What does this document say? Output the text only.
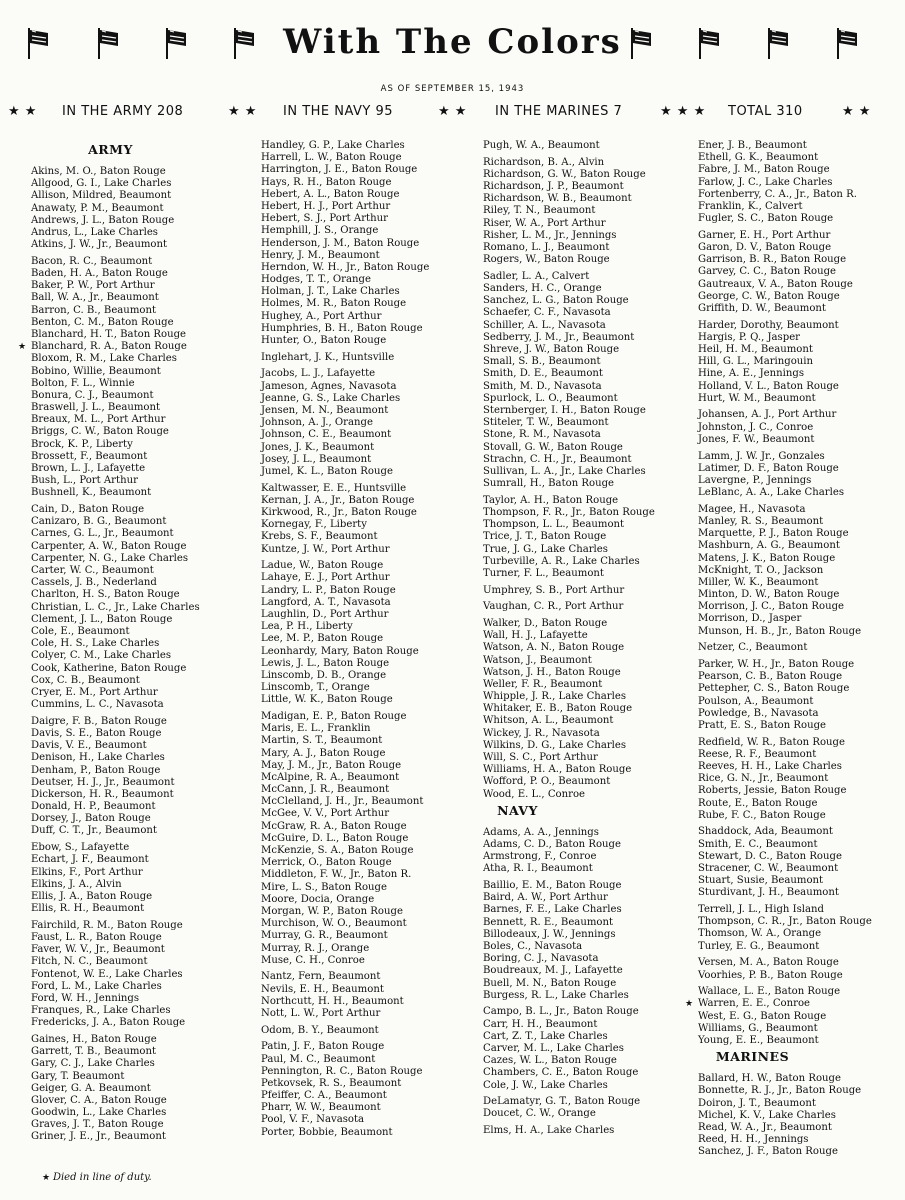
With The Colors
AS OF SEPTEMBER 15, 1943
★ ★ IN THE ARMY 208	★ ★ IN THE NAVY 95	★ ★ IN THE MARINES 7	★ ★ ★ TOTAL 310	★ ★
ARMY
Akins, M. O., Baton Rouge
Allgood, G. I., Lake Charles
Allison, Mildred, Beaumont
Anawaty, P. M., Beaumont
Andrews, J. L., Baton Rouge
Andrus, L., Lake Charles
Atkins, J. W., Jr., Beaumont
Bacon, R. C., Beaumont
Baden, H. A., Baton Rouge
Baker, P. W., Port Arthur
Ball, W. A., Jr., Beaumont
Barron, C. B., Beaumont
Benton, C. M., Baton Rouge
Blanchard, H. T., Baton Rouge
★ Blanchard, R. A., Baton Rouge
Bloxom, R. M., Lake Charles
Bobino, Willie, Beaumont
Bolton, F. L., Winnie
Bonura, C. J., Beaumont
Braswell, J. L., Beaumont
Breaux, M. L., Port Arthur
Briggs, C. W., Baton Rouge
Brock, K. P., Liberty
Brossett, F., Beaumont
Brown, L. J., Lafayette
Bush, L., Port Arthur
Bushnell, K., Beaumont
Cain, D., Baton Rouge
Canizaro, B. G., Beaumont
Carnes, G. L., Jr., Beaumont
Carpenter, A. W., Baton Rouge
Carpenter, N. G., Lake Charles
Carter, W. C., Beaumont
Cassels, J. B., Nederland
Charlton, H. S., Baton Rouge
Christian, L. C., Jr., Lake Charles
Clement, J. L., Baton Rouge
Cole, E., Beaumont
Cole, H. S., Lake Charles
Colyer, C. M., Lake Charles
Cook, Katherine, Baton Rouge
Cox, C. B., Beaumont
Cryer, E. M., Port Arthur
Cummins, L. C., Navasota
Daigre, F. B., Baton Rouge
Davis, S. E., Baton Rouge
Davis, V. E., Beaumont
Denison, H., Lake Charles
Denham, P., Baton Rouge
Deutser, H. J., Jr., Beaumont
Dickerson, H. R., Beaumont
Donald, H. P., Beaumont
Dorsey, J., Baton Rouge
Duff, C. T., Jr., Beaumont
Ebow, S., Lafayette
Echart, J. F., Beaumont
Elkins, F., Port Arthur
Elkins, J. A., Alvin
Ellis, J. A., Baton Rouge
Ellis, R. H., Beaumont
Fairchild, R. M., Baton Rouge
Faust, L. R., Baton Rouge
Faver, W. V., Jr., Beaumont
Fitch, N. C., Beaumont
Fontenot, W. E., Lake Charles
Ford, L. M., Lake Charles
Ford, W. H., Jennings
Franques, R., Lake Charles
Fredericks, J. A., Baton Rouge
Gaines, H., Baton Rouge
Garrett, T. B., Beaumont
Gary, C. J., Lake Charles
Gary, T. Beaumont
Geiger, G. A. Beaumont
Glover, C. A., Baton Rouge
Goodwin, L., Lake Charles
Graves, J. T., Baton Rouge
Griner, J. E., Jr., Beaumont
Handley, G. P., Lake Charles
Harrell, L. W., Baton Rouge
Harrington, J. E., Baton Rouge
Hays, R. H., Baton Rouge
Hebert, A. L., Baton Rouge
Hebert, H. J., Port Arthur
Hebert, S. J., Port Arthur
Hemphill, J. S., Orange
Henderson, J. M., Baton Rouge
Henry, J. M., Beaumont
Herndon, W. H., Jr., Baton Rouge
Hodges, T. T., Orange
Holman, J. T., Lake Charles
Holmes, M. R., Baton Rouge
Hughey, A., Port Arthur
Humphries, B. H., Baton Rouge
Hunter, O., Baton Rouge
Inglehart, J. K., Huntsville
Jacobs, L. J., Lafayette
Jameson, Agnes, Navasota
Jeanne, G. S., Lake Charles
Jensen, M. N., Beaumont
Johnson, A. J., Orange
Johnson, C. E., Beaumont
Jones, J. K., Beaumont
Josey, J. L., Beaumont
Jumel, K. L., Baton Rouge
Kaltwasser, E. E., Huntsville
Kernan, J. A., Jr., Baton Rouge
Kirkwood, R., Jr., Baton Rouge
Kornegay, F., Liberty
Krebs, S. F., Beaumont
Kuntze, J. W., Port Arthur
Ladue, W., Baton Rouge
Lahaye, E. J., Port Arthur
Landry, L. P., Baton Rouge
Langford, A. T., Navasota
Laughlin, D., Port Arthur
Lea, P. H., Liberty
Lee, M. P., Baton Rouge
Leonhardy, Mary, Baton Rouge
Lewis, J. L., Baton Rouge
Linscomb, D. B., Orange
Linscomb, T., Orange
Little, W. K., Baton Rouge
Madigan, E. P., Baton Rouge
Maris, E. L., Franklin
Martin, S. T., Beaumont
Mary, A. J., Baton Rouge
May, J. M., Jr., Baton Rouge
McAlpine, R. A., Beaumont
McCann, J. R., Beaumont
McClelland, J. H., Jr., Beaumont
McGee, V. V., Port Arthur
McGraw, R. A., Baton Rouge
McGuire, D. L., Baton Rouge
McKenzie, S. A., Baton Rouge
Merrick, O., Baton Rouge
Middleton, F. W., Jr., Baton R.
Mire, L. S., Baton Rouge
Moore, Docia, Orange
Morgan, W. P., Baton Rouge
Murchison, W. O., Beaumont
Murray, G. R., Beaumont
Murray, R. J., Orange
Muse, C. H., Conroe
Nantz, Fern, Beaumont
Nevils, E. H., Beaumont
Northcutt, H. H., Beaumont
Nott, L. W., Port Arthur
Odom, B. Y., Beaumont
Patin, J. F., Baton Rouge
Paul, M. C., Beaumont
Pennington, R. C., Baton Rouge
Petkovsek, R. S., Beaumont
Pfeiffer, C. A., Beaumont
Pharr, W. W., Beaumont
Pool, V. F., Navasota
Porter, Bobbie, Beaumont
Pugh, W. A., Beaumont
Richardson, B. A., Alvin
Richardson, G. W., Baton Rouge
Richardson, J. P., Beaumont
Richardson, W. B., Beaumont
Riley, T. N., Beaumont
Riser, W. A., Port Arthur
Risher, L. M., Jr., Jennings
Romano, L. J., Beaumont
Rogers, W., Baton Rouge
Sadler, L. A., Calvert
Sanders, H. C., Orange
Sanchez, L. G., Baton Rouge
Schaefer, C. F., Navasota
Schiller, A. L., Navasota
Sedberry, J. M., Jr., Beaumont
Shreve, J. W., Baton Rouge
Small, S. B., Beaumont
Smith, D. E., Beaumont
Smith, M. D., Navasota
Spurlock, L. O., Beaumont
Sternberger, I. H., Baton Rouge
Stiteler, T. W., Beaumont
Stone, R. M., Navasota
Stovall, G. W., Baton Rouge
Strachn, C. H., Jr., Beaumont
Sullivan, L. A., Jr., Lake Charles
Sumrall, H., Baton Rouge
Taylor, A. H., Baton Rouge
Thompson, F. R., Jr., Baton Rouge
Thompson, L. L., Beaumont
Trice, J. T., Baton Rouge
True, J. G., Lake Charles
Turbeville, A. R., Lake Charles
Turner, F. L., Beaumont
Umphrey, S. B., Port Arthur
Vaughan, C. R., Port Arthur
Walker, D., Baton Rouge
Wall, H. J., Lafayette
Watson, A. N., Baton Rouge
Watson, J., Beaumont
Watson, J. H., Baton Rouge
Weller, F. R., Beaumont
Whipple, J. R., Lake Charles
Whitaker, E. B., Baton Rouge
Whitson, A. L., Beaumont
Wickey, J. R., Navasota
Wilkins, D. G., Lake Charles
Will, S. C., Port Arthur
Williams, H. A., Baton Rouge
Wofford, P. O., Beaumont
Wood, E. L., Conroe
NAVY
Adams, A. A., Jennings
Adams, C. D., Baton Rouge
Armstrong, F., Conroe
Atha, R. I., Beaumont
Baillio, E. M., Baton Rouge
Baird, A. W., Port Arthur
Barnes, F. E., Lake Charles
Bennett, R. E., Beaumont
Billodeaux, J. W., Jennings
Boles, C., Navasota
Boring, C. J., Navasota
Boudreaux, M. J., Lafayette
Buell, M. N., Baton Rouge
Burgess, R. L., Lake Charles
Campo, B. L., Jr., Baton Rouge
Carr, H. H., Beaumont
Cart, Z. T., Lake Charles
Carver, M. L., Lake Charles
Cazes, W. L., Baton Rouge
Chambers, C. E., Baton Rouge
Cole, J. W., Lake Charles
DeLamatyr, G. T., Baton Rouge
Doucet, C. W., Orange
Elms, H. A., Lake Charles
Ener, J. B., Beaumont
Ethell, G. K., Beaumont
Fabre, J. M., Baton Rouge
Farlow, J. C., Lake Charles
Fortenberry, C. A., Jr., Baton R.
Franklin, K., Calvert
Fugler, S. C., Baton Rouge
Garner, E. H., Port Arthur
Garon, D. V., Baton Rouge
Garrison, B. R., Baton Rouge
Garvey, C. C., Baton Rouge
Gautreaux, V. A., Baton Rouge
George, C. W., Baton Rouge
Griffith, D. W., Beaumont
Harder, Dorothy, Beaumont
Hargis, P. Q., Jasper
Heil, H. M., Beaumont
Hill, G. L., Maringouin
Hine, A. E., Jennings
Holland, V. L., Baton Rouge
Hurt, W. M., Beaumont
Johansen, A. J., Port Arthur
Johnston, J. C., Conroe
Jones, F. W., Beaumont
Lamm, J. W. Jr., Gonzales
Latimer, D. F., Baton Rouge
Lavergne, P., Jennings
LeBlanc, A. A., Lake Charles
Magee, H., Navasota
Manley, R. S., Beaumont
Marquette, P. J., Baton Rouge
Mashburn, A. G., Beaumont
Matens, J. K., Baton Rouge
McKnight, T. O., Jackson
Miller, W. K., Beaumont
Minton, D. W., Baton Rouge
Morrison, J. C., Baton Rouge
Morrison, D., Jasper
Munson, H. B., Jr., Baton Rouge
Netzer, C., Beaumont
Parker, W. H., Jr., Baton Rouge
Pearson, C. B., Baton Rouge
Pettepher, C. S., Baton Rouge
Poulson, A., Beaumont
Powledge, B., Navasota
Pratt, E. S., Baton Rouge
Redfield, W. R., Baton Rouge
Reese, R. F., Beaumont
Reeves, H. H., Lake Charles
Rice, G. N., Jr., Beaumont
Roberts, Jessie, Baton Rouge
Route, E., Baton Rouge
Rube, F. C., Baton Rouge
Shaddock, Ada, Beaumont
Smith, E. C., Beaumont
Stewart, D. C., Baton Rouge
Stracener, C. W., Beaumont
Stuart, Susie, Beaumont
Sturdivant, J. H., Beaumont
Terrell, J. L., High Island
Thompson, C. R., Jr., Baton Rouge
Thomson, W. A., Orange
Turley, E. G., Beaumont
Versen, M. A., Baton Rouge
Voorhies, P. B., Baton Rouge
Wallace, L. E., Baton Rouge
★ Warren, E. E., Conroe
West, E. G., Baton Rouge
Williams, G., Beaumont
Young, E. E., Beaumont
MARINES
Ballard, H. W., Baton Rouge
Bonnette, R. J., Jr., Baton Rouge
Doiron, J. T., Beaumont
Michel, K. V., Lake Charles
Read, W. A., Jr., Beaumont
Reed, H. H., Jennings
Sanchez, J. F., Baton Rouge
★ Died in line of duty.
